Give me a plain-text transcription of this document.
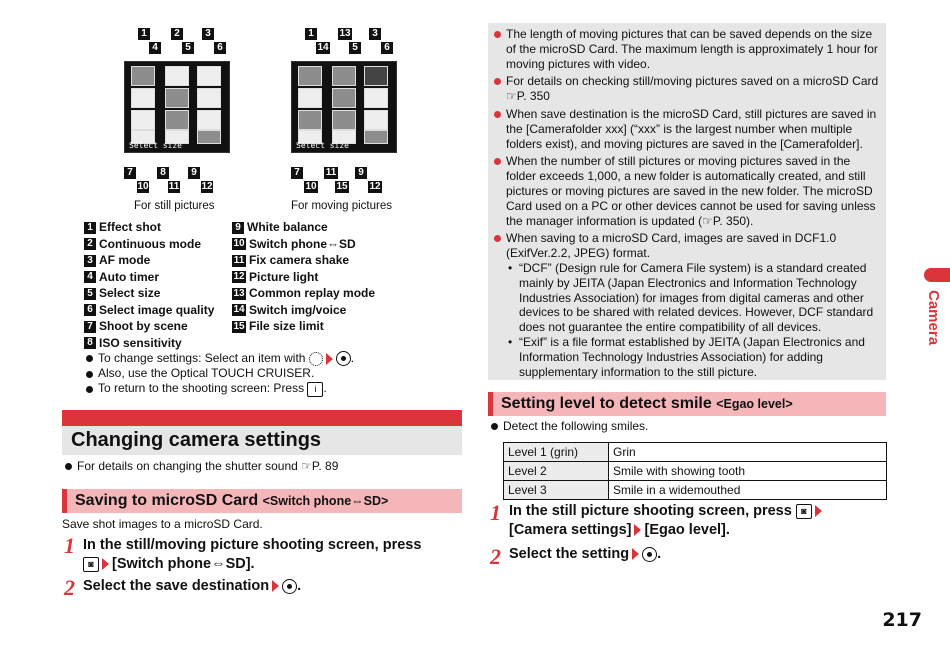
1	2	3
4	5	6
Select size
7	8	9
10 11 12
For still pictures
1	13	3
14	5	6
Select size
7	11	9
10 15 12
For moving pictures
1 Effect shot
2 Continuous mode
3 AF mode
4 Auto timer
5 Select size
6 Select image quality
7 Shoot by scene
8 ISO sensitivity
9 White balance
10 Switch phone⇔SD
11 Fix camera shake
12 Picture light
13 Common replay mode
14 Switch img/voice
15 File size limit
To change settings: Select an item with	.
Also, use the Optical TOUCH CRUISER.
To return to the shooting screen: Press i .
Changing camera settings
For details on changing the shutter sound ☞P. 89
Saving to microSD Card <Switch phone⇔SD>
Save shot images to a microSD Card.
1 In the still/moving picture shooting screen, press
◙ [Switch phone⇔SD].
2 Select the save destination .
The length of moving pictures that can be saved depends on the size of the microSD Card. The maximum length is approximately 1 hour for moving pictures with video.
For details on checking still/moving pictures saved on a microSD Card
☞P. 350
When save destination is the microSD Card, still pictures are saved in the [Camerafolder xxx] (“xxx” is the largest number when multiple folders exist), and moving pictures are saved in the [Camerafolder].
When the number of still pictures or moving pictures saved in the folder exceeds 1,000, a new folder is automatically created, and still pictures or moving pictures are saved in the new folder. The microSD Card used on a PC or other devices cannot be used for saving unless the manager information is updated (☞P. 350).
When saving to a microSD Card, images are saved in DCF1.0 (ExifVer.2.2, JPEG) format.
• “DCF” (Design rule for Camera File system) is a standard created mainly by JEITA (Japan Electronics and Information Technology Industries Association) for images from digital cameras and other devices to be shared with related devices. However, DCF standard does not guarantee the entire compatibility of all devices.
• “Exif” is a file format established by JEITA (Japan Electronics and Information Technology Industries Association) for adding supplementary information to the still picture.
Setting level to detect smile <Egao level>
Detect the following smiles.
Level 1 (grin)	Grin
Level 2	Smile with showing tooth
Level 3	Smile in a widemouthed
1 In the still picture shooting screen, press ◙
[Camera settings] [Egao level].
2 Select the setting .
Camera
217
